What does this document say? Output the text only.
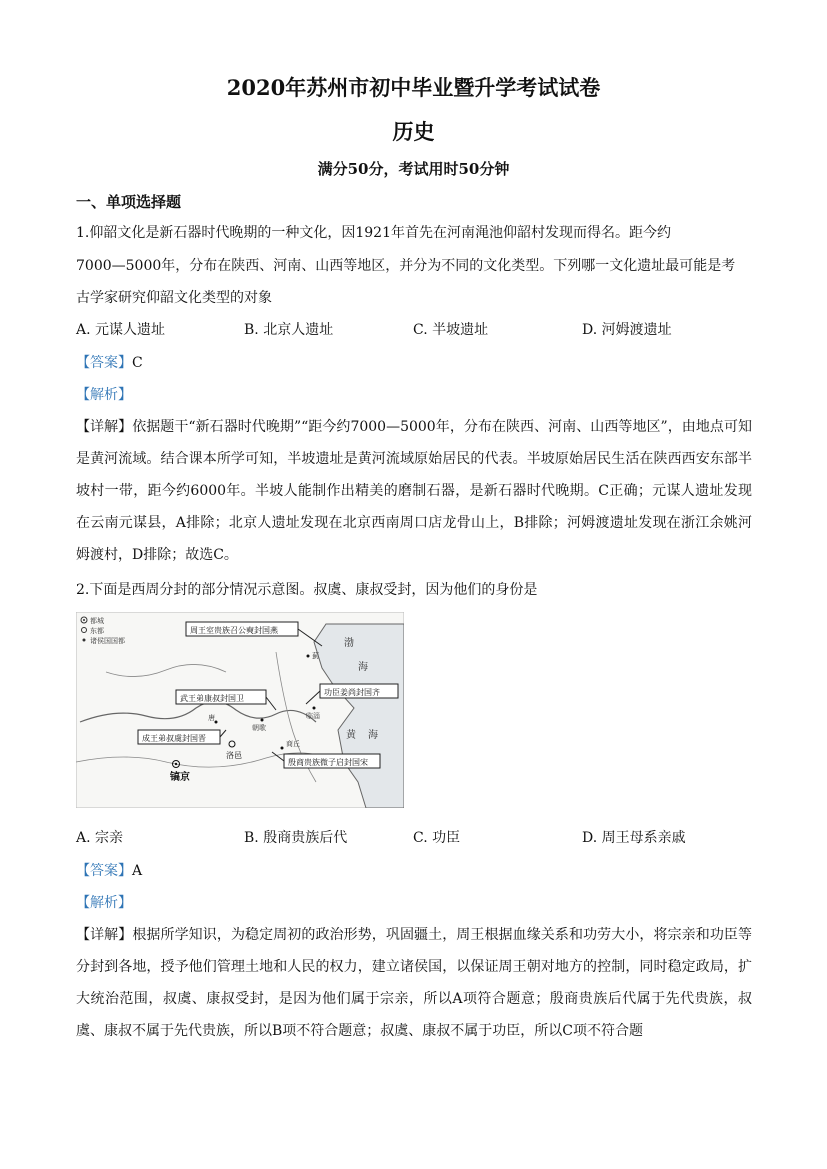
2020年苏州市初中毕业暨升学考试试卷
历史
满分50分，考试用时50分钟
一、单项选择题
1.仰韶文化是新石器时代晚期的一种文化，因1921年首先在河南渑池仰韶村发现而得名。距今约
7000—5000年，分布在陕西、河南、山西等地区，并分为不同的文化类型。下列哪一文化遗址最可能是考
古学家研究仰韶文化类型的对象
A. 元谋人遗址	B. 北京人遗址	C. 半坡遗址	D. 河姆渡遗址
【答案】C
【解析】
【详解】依据题干“新石器时代晚期”“距今约7000—5000年，分布在陕西、河南、山西等地区”，由地点可知是黄河流域。结合课本所学可知，半坡遗址是黄河流域原始居民的代表。半坡原始居民生活在陕西西安东部半坡村一带，距今约6000年。半坡人能制作出精美的磨制石器，是新石器时代晚期。C正确；元谋人遗址发现在云南元谋县，A排除；北京人遗址发现在北京西南周口店龙骨山上，B排除；河姆渡遗址发现在浙江余姚河姆渡村，D排除；故选C。
2.下面是西周分封的部分情况示意图。叔虞、康叔受封，因为他们的身份是
都城
东都
诸侯国国都
周王室贵族召公奭封国燕
功臣姜尚封国齐
武王弟康叔封国卫
成王弟叔虞封国晋
殷商贵族微子启封国宋
镐京
洛邑
蓟
临淄
朝歌
商丘
唐
渤
海
黄 海
A. 宗亲	B. 殷商贵族后代	C. 功臣	D. 周王母系亲戚
【答案】A
【解析】
【详解】根据所学知识，为稳定周初的政治形势，巩固疆土，周王根据血缘关系和功劳大小，将宗亲和功臣等分封到各地，授予他们管理土地和人民的权力，建立诸侯国，以保证周王朝对地方的控制，同时稳定政局，扩大统治范围，叔虞、康叔受封，是因为他们属于宗亲，所以A项符合题意；殷商贵族后代属于先代贵族，叔虞、康叔不属于先代贵族，所以B项不符合题意；叔虞、康叔不属于功臣，所以C项不符合题
